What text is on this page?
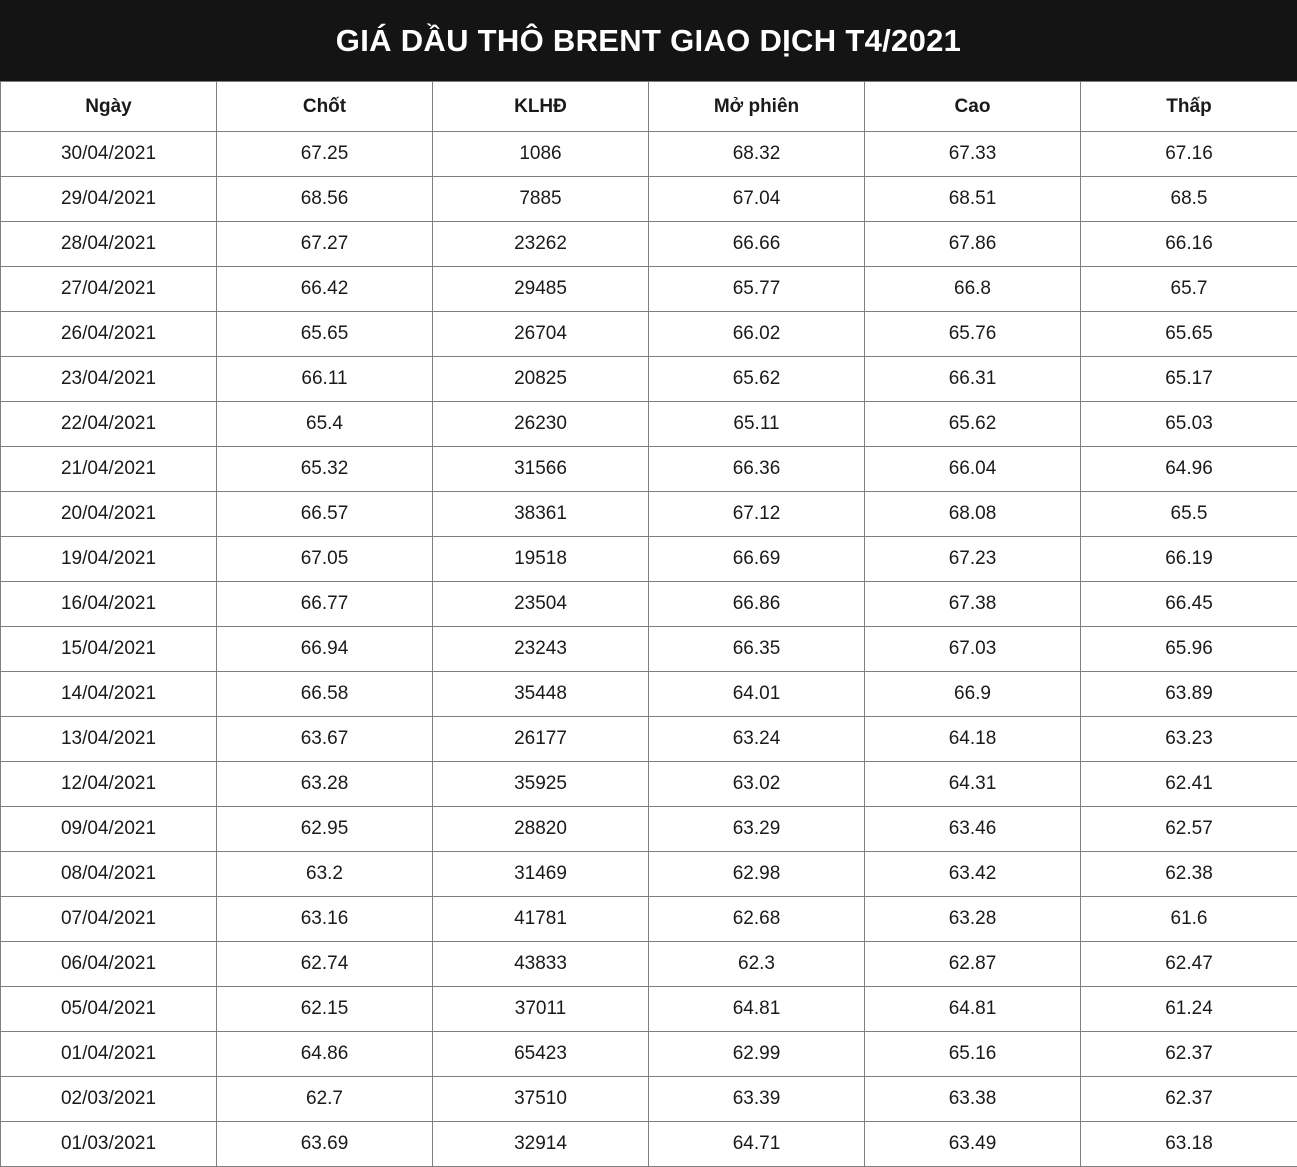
GIÁ DẦU THÔ BRENT GIAO DỊCH T4/2021
Ngày	Chốt	KLHĐ	Mở phiên	Cao	Thấp
30/04/2021	67.25	1086	68.32	67.33	67.16
29/04/2021	68.56	7885	67.04	68.51	68.5
28/04/2021	67.27	23262	66.66	67.86	66.16
27/04/2021	66.42	29485	65.77	66.8	65.7
26/04/2021	65.65	26704	66.02	65.76	65.65
23/04/2021	66.11	20825	65.62	66.31	65.17
22/04/2021	65.4	26230	65.11	65.62	65.03
21/04/2021	65.32	31566	66.36	66.04	64.96
20/04/2021	66.57	38361	67.12	68.08	65.5
19/04/2021	67.05	19518	66.69	67.23	66.19
16/04/2021	66.77	23504	66.86	67.38	66.45
15/04/2021	66.94	23243	66.35	67.03	65.96
14/04/2021	66.58	35448	64.01	66.9	63.89
13/04/2021	63.67	26177	63.24	64.18	63.23
12/04/2021	63.28	35925	63.02	64.31	62.41
09/04/2021	62.95	28820	63.29	63.46	62.57
08/04/2021	63.2	31469	62.98	63.42	62.38
07/04/2021	63.16	41781	62.68	63.28	61.6
06/04/2021	62.74	43833	62.3	62.87	62.47
05/04/2021	62.15	37011	64.81	64.81	61.24
01/04/2021	64.86	65423	62.99	65.16	62.37
02/03/2021	62.7	37510	63.39	63.38	62.37
01/03/2021	63.69	32914	64.71	63.49	63.18
